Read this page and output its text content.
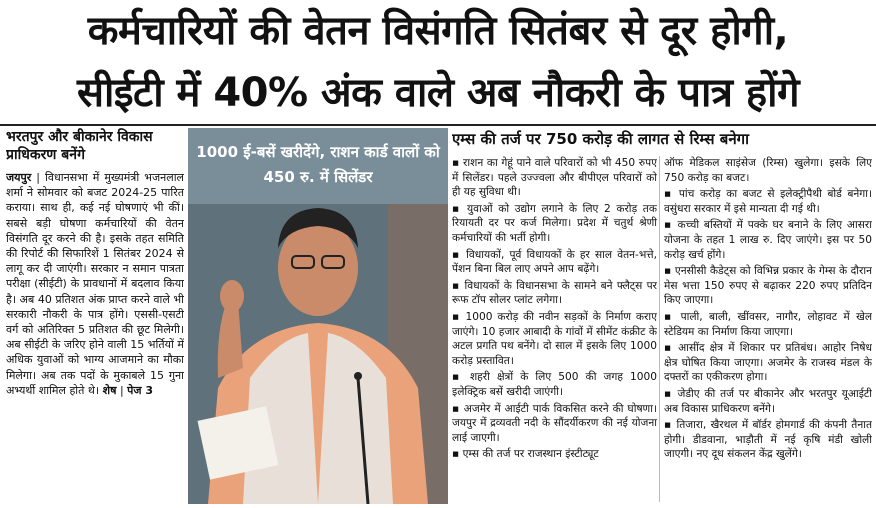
कर्मचारियों की वेतन विसंगति सितंबर से दूर होगी,
सीईटी में 40% अंक वाले अब नौकरी के पात्र होंगे
भरतपुर और बीकानेर विकास प्राधिकरण बनेंगे

जयपुर | विधानसभा में मुख्यमंत्री भजनलाल शर्मा ने सोमवार को बजट 2024-25 पारित कराया। साथ ही, कई नई घोषणाएं भी कीं। सबसे बड़ी घोषणा कर्मचारियों की वेतन विसंगति दूर करने की है। इसके तहत समिति की रिपोर्ट की सिफारिशें 1 सितंबर 2024 से लागू कर दी जाएंगी। सरकार न समान पात्रता परीक्षा (सीईटी) के प्रावधानों में बदलाव किया है। अब 40 प्रतिशत अंक प्राप्त करने वाले भी सरकारी नौकरी के पात्र होंगे। एससी-एसटी वर्ग को अतिरिक्त 5 प्रतिशत की छूट मिलेगी। अब सीईटी के जरिए होने वाली 15 भर्तियों में अधिक युवाओं को भाग्य आजमाने का मौका मिलेगा। अब तक पदों के मुकाबले 15 गुना अभ्यर्थी शामिल होते थे। शेष | पेज 3

1000 ई-बसें खरीदेंगे, राशन कार्ड वालों को 450 रु. में सिलेंडर
एम्स की तर्ज पर 750 करोड़ की लागत से रिम्स बनेगा

▪ राशन का गेहूं पाने वाले परिवारों को भी 450 रुपए में सिलेंडर। पहले उज्ज्वला और बीपीएल परिवारों को ही यह सुविधा थी।

▪ युवाओं को उद्योग लगाने के लिए 2 करोड़ तक रियायती दर पर कर्ज मिलेगा। प्रदेश में चतुर्थ श्रेणी कर्मचारियों की भर्ती होगी।

▪ विधायकों, पूर्व विधायकों के हर साल वेतन-भत्ते, पेंशन बिना बिल लाए अपने आप बढ़ेंगे।

▪ विधायकों के विधानसभा के सामने बने फ्लैट्स पर रूफ टॉप सोलर प्लांट लगेगा।

▪ 1000 करोड़ की नवीन सड़कों के निर्माण कराए जाएंगे। 10 हजार आबादी के गांवों में सीमेंट कंक्रीट के अटल प्रगति पथ बनेंगे। दो साल में इसके लिए 1000 करोड़ प्रस्तावित।

▪ शहरी क्षेत्रों के लिए 500 की जगह 1000 इलेक्ट्रिक बसें खरीदी जाएंगी।

▪ अजमेर में आईटी पार्क विकसित करने की घोषणा। जयपुर में द्रव्यवती नदी के सौंदर्यीकरण की नई योजना लाई जाएगी।

▪ एम्स की तर्ज पर राजस्थान इंस्टीट्यूट

ऑफ मेडिकल साइंसेज (रिम्स) खुलेगा। इसके लिए 750 करोड़ का बजट।

▪ पांच करोड़ का बजट से इलेक्ट्रीपैथी बोर्ड बनेगा। वसुंधरा सरकार में इसे मान्यता दी गई थी।

▪ कच्ची बस्तियों में पक्के घर बनाने के लिए आसरा योजना के तहत 1 लाख रु. दिए जाएंगे। इस पर 50 करोड़ खर्च होंगे।

▪ एनसीसी कैडेट्स को विभिन्न प्रकार के गेम्स के दौरान मेस भत्ता 150 रुपए से बढ़ाकर 220 रुपए प्रतिदिन किए जाएगा।

▪ पाली, बाली, खींवसर, नागौर, लोहावट में खेल स्टेडियम का निर्माण किया जाएगा।

▪ आसींद क्षेत्र में शिकार पर प्रतिबंध। आहोर निषेध क्षेत्र घोषित किया जाएगा। अजमेर के राजस्व मंडल के दफ्तरों का एकीकरण होगा।

▪ जेडीए की तर्ज पर बीकानेर और भरतपुर यूआईटी अब विकास प्राधिकरण बनेंगे।

▪ तिजारा, खैरथल में बॉर्डर होमगार्ड की कंपनी तैनात होगी। डीडवाना, भाड़ौती में नई कृषि मंडी खोली जाएगी। नए दूध संकलन केंद्र खुलेंगे।
